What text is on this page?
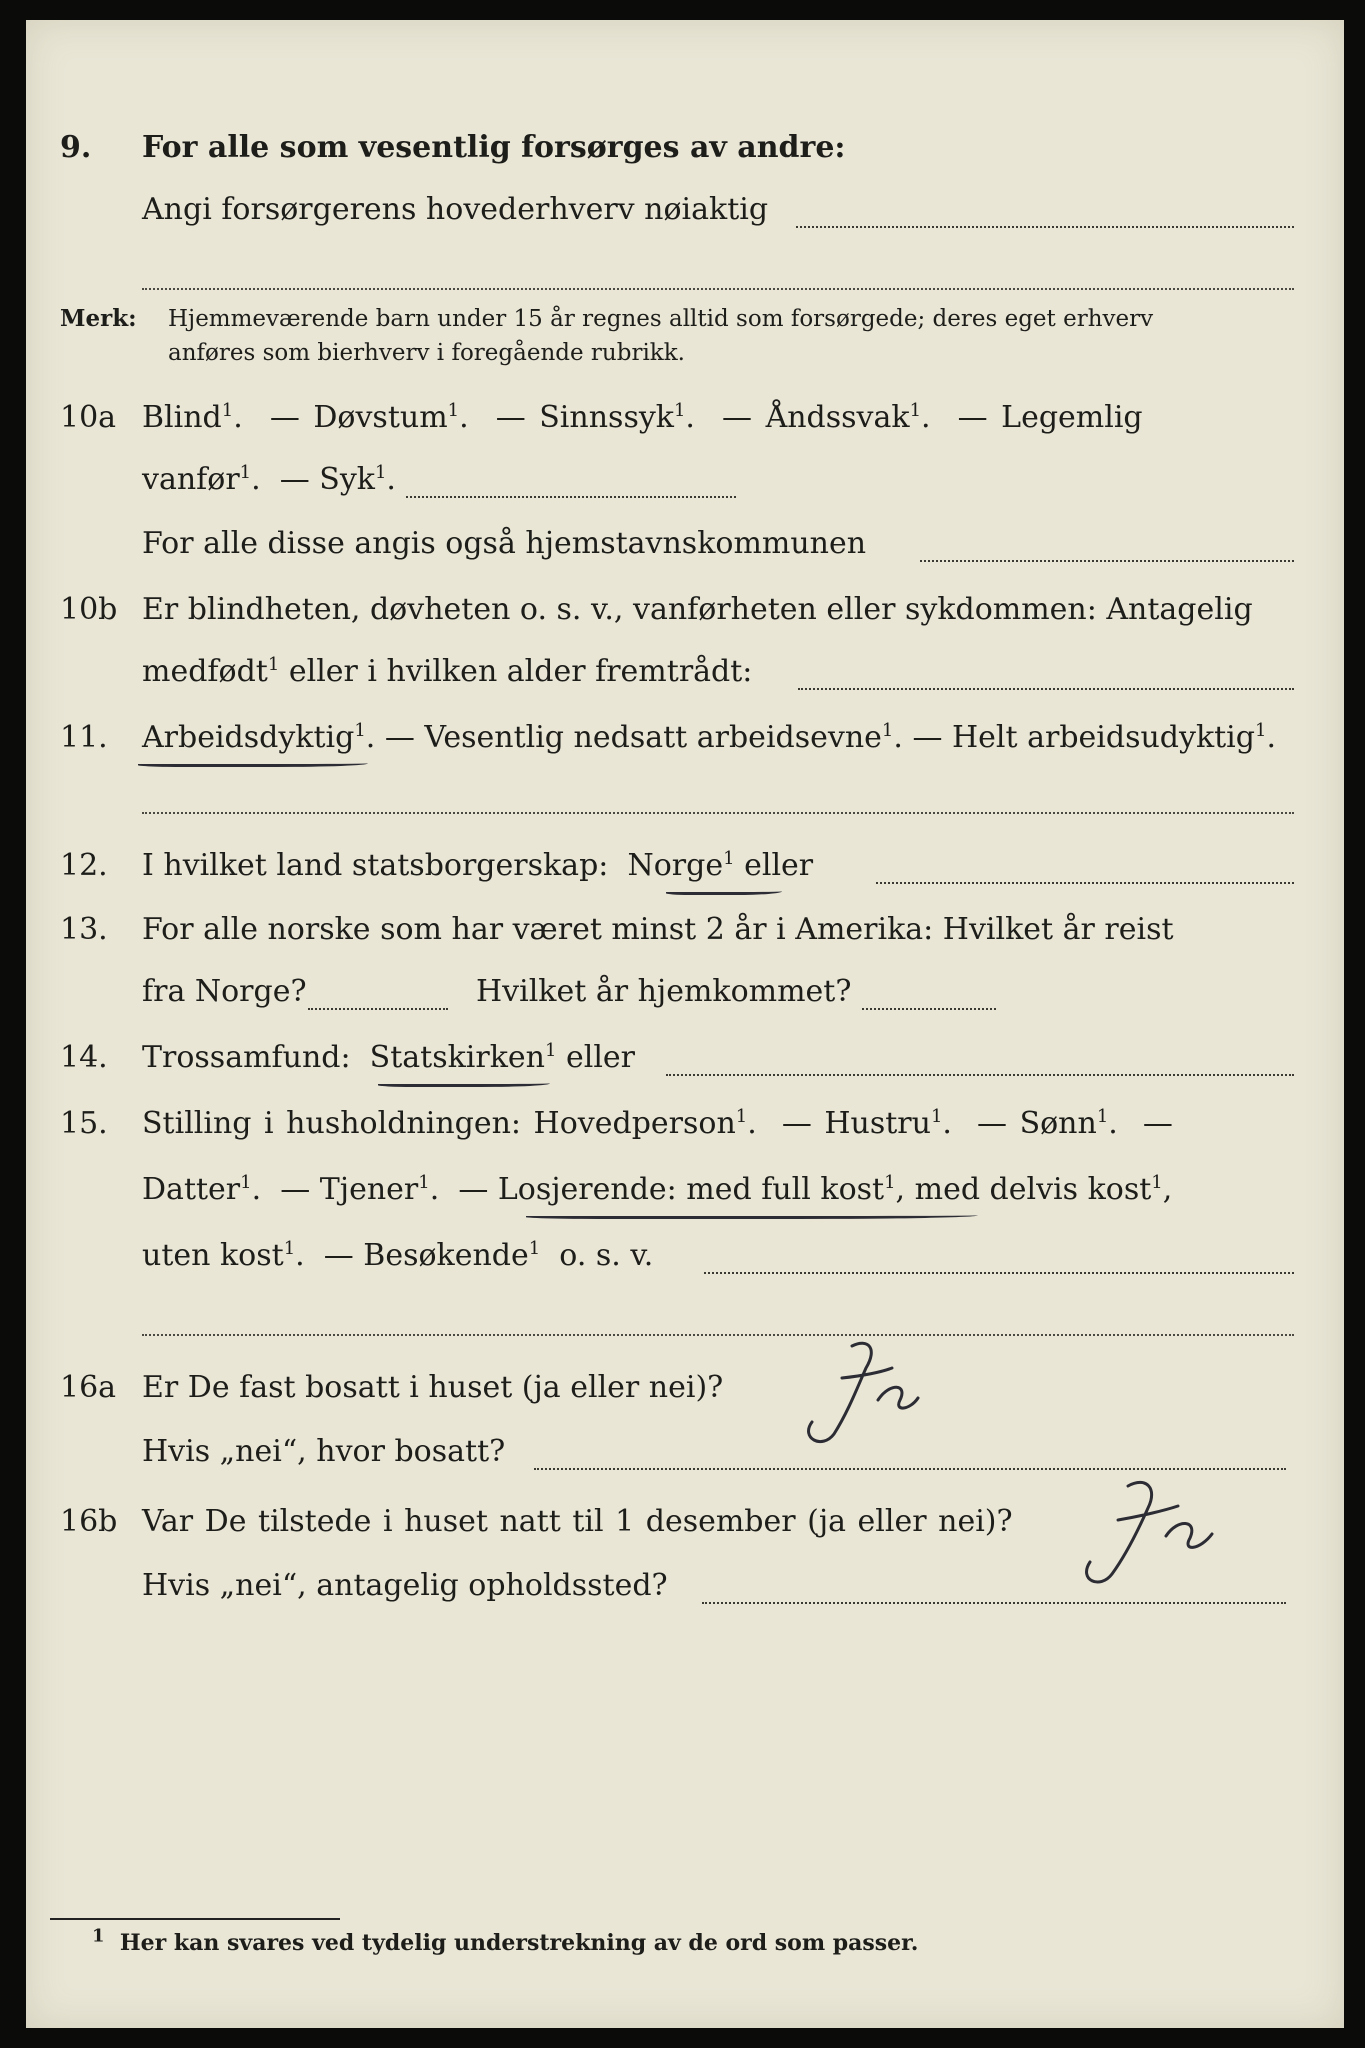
9.	For alle som vesentlig forsørges av andre:
Angi forsørgerens hovederhverv nøiaktig
Merk: Hjemmeværende barn under 15 år regnes alltid som forsørgede; deres eget erhverv
anføres som bierhverv i foregående rubrikk.
10a Blind$^1$.  — Døvstum$^1$.  — Sinnssyk$^1$.  — Åndssvak$^1$.  — Legemlig
vanfør$^1$.  — Syk$^1$.
For alle disse angis også hjemstavnskommunen
10b Er blindheten, døvheten o. s. v., vanførheten eller sykdommen: Antagelig
medfødt$^1$ eller i hvilken alder fremtrådt:
11.	Arbeidsdyktig$^1$. — Vesentlig nedsatt arbeidsevne$^1$. — Helt arbeidsudyktig$^1$.
12.	I hvilket land statsborgerskap: Norge$^1$ eller
13.	For alle norske som har været minst 2 år i Amerika: Hvilket år reist
fra Norge?	Hvilket år hjemkommet?
14.	Trossamfund: Statskirken$^1$ eller
15.	Stilling i husholdningen: Hovedperson$^1$.  — Hustru$^1$.  — Sønn$^1$.  —
Datter$^1$.  — Tjener$^1$.  — Losjerende: med full kost$^1$, med delvis kost$^1$,
uten kost$^1$.  — Besøkende$^1$ o. s. v.
16a Er De fast bosatt i huset (ja eller nei)?	Ja
Hvis „nei“, hvor bosatt?
16b Var De tilstede i huset natt til 1 desember (ja eller nei)?	Ja
Hvis „nei“, antagelig opholdssted?
$^1$ Her kan svares ved tydelig understrekning av de ord som passer.
